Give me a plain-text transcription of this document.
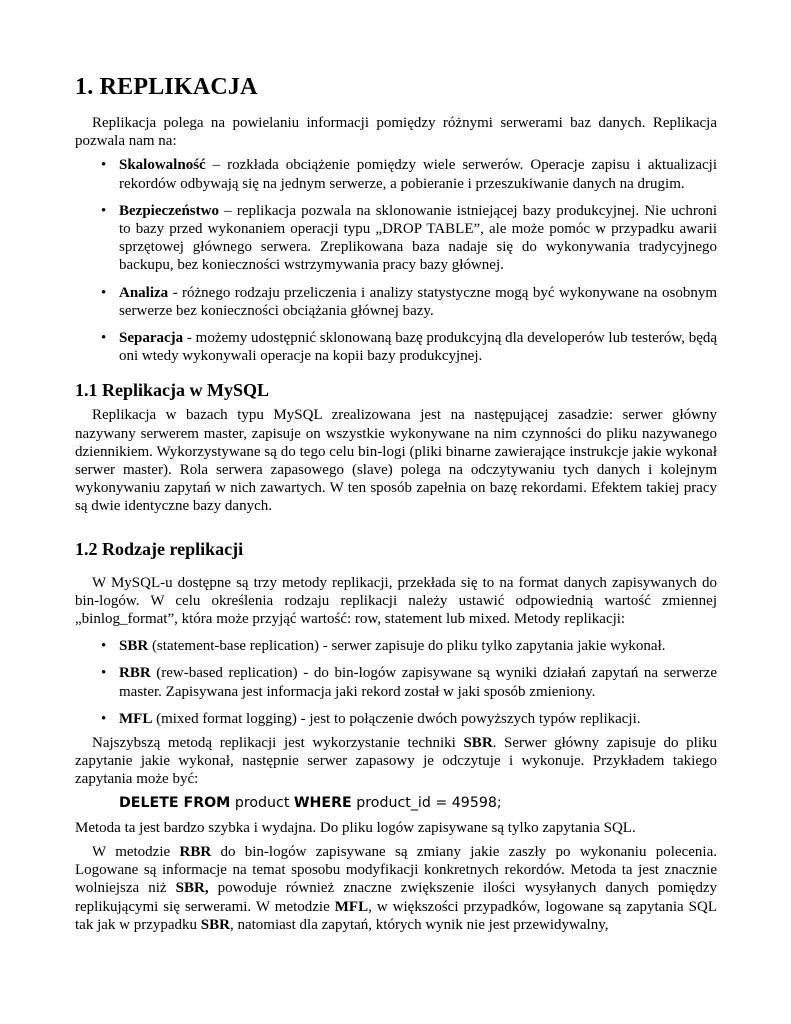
1. REPLIKACJA

Replikacja polega na powielaniu informacji pomiędzy różnymi serwerami baz danych. Replikacja pozwala nam na:

• Skalowalność – rozkłada obciążenie pomiędzy wiele serwerów. Operacje zapisu i aktualizacji rekordów odbywają się na jednym serwerze, a pobieranie i przeszukiwanie danych na drugim.
• Bezpieczeństwo – replikacja pozwala na sklonowanie istniejącej bazy produkcyjnej. Nie uchroni to bazy przed wykonaniem operacji typu „DROP TABLE”, ale może pomóc w przypadku awarii sprzętowej głównego serwera. Zreplikowana baza nadaje się do wykonywania tradycyjnego backupu, bez konieczności wstrzymywania pracy bazy głównej.
• Analiza - różnego rodzaju przeliczenia i analizy statystyczne mogą być wykonywane na osobnym serwerze bez konieczności obciążania głównej bazy.
• Separacja - możemy udostępnić sklonowaną bazę produkcyjną dla developerów lub testerów, będą oni wtedy wykonywali operacje na kopii bazy produkcyjnej.
1.1 Replikacja w MySQL

Replikacja w bazach typu MySQL zrealizowana jest na następującej zasadzie: serwer główny nazywany serwerem master, zapisuje on wszystkie wykonywane na nim czynności do pliku nazywanego dziennikiem. Wykorzystywane są do tego celu bin-logi (pliki binarne zawierające instrukcje jakie wykonał serwer master). Rola serwera zapasowego (slave) polega na odczytywaniu tych danych i kolejnym wykonywaniu zapytań w nich zawartych. W ten sposób zapełnia on bazę rekordami. Efektem takiej pracy są dwie identyczne bazy danych.

1.2 Rodzaje replikacji

W MySQL-u dostępne są trzy metody replikacji, przekłada się to na format danych zapisywanych do bin-logów. W celu określenia rodzaju replikacji należy ustawić odpowiednią wartość zmiennej „binlog_format”, która może przyjąć wartość: row, statement lub mixed. Metody replikacji:

• SBR (statement-base replication) - serwer zapisuje do pliku tylko zapytania jakie wykonał.
• RBR (rew-based replication) - do bin-logów zapisywane są wyniki działań zapytań na serwerze master. Zapisywana jest informacja jaki rekord został w jaki sposób zmieniony.
• MFL (mixed format logging) - jest to połączenie dwóch powyższych typów replikacji.

Najszybszą metodą replikacji jest wykorzystanie techniki SBR. Serwer główny zapisuje do pliku zapytanie jakie wykonał, następnie serwer zapasowy je odczytuje i wykonuje. Przykładem takiego zapytania może być:

DELETE FROM product WHERE product_id = 49598;

Metoda ta jest bardzo szybka i wydajna. Do pliku logów zapisywane są tylko zapytania SQL.

W metodzie RBR do bin-logów zapisywane są zmiany jakie zaszły po wykonaniu polecenia. Logowane są informacje na temat sposobu modyfikacji konkretnych rekordów. Metoda ta jest znacznie wolniejsza niż SBR, powoduje również znaczne zwiększenie ilości wysyłanych danych pomiędzy replikującymi się serwerami. W metodzie MFL, w większości przypadków, logowane są zapytania SQL tak jak w przypadku SBR, natomiast dla zapytań, których wynik nie jest przewidywalny,
